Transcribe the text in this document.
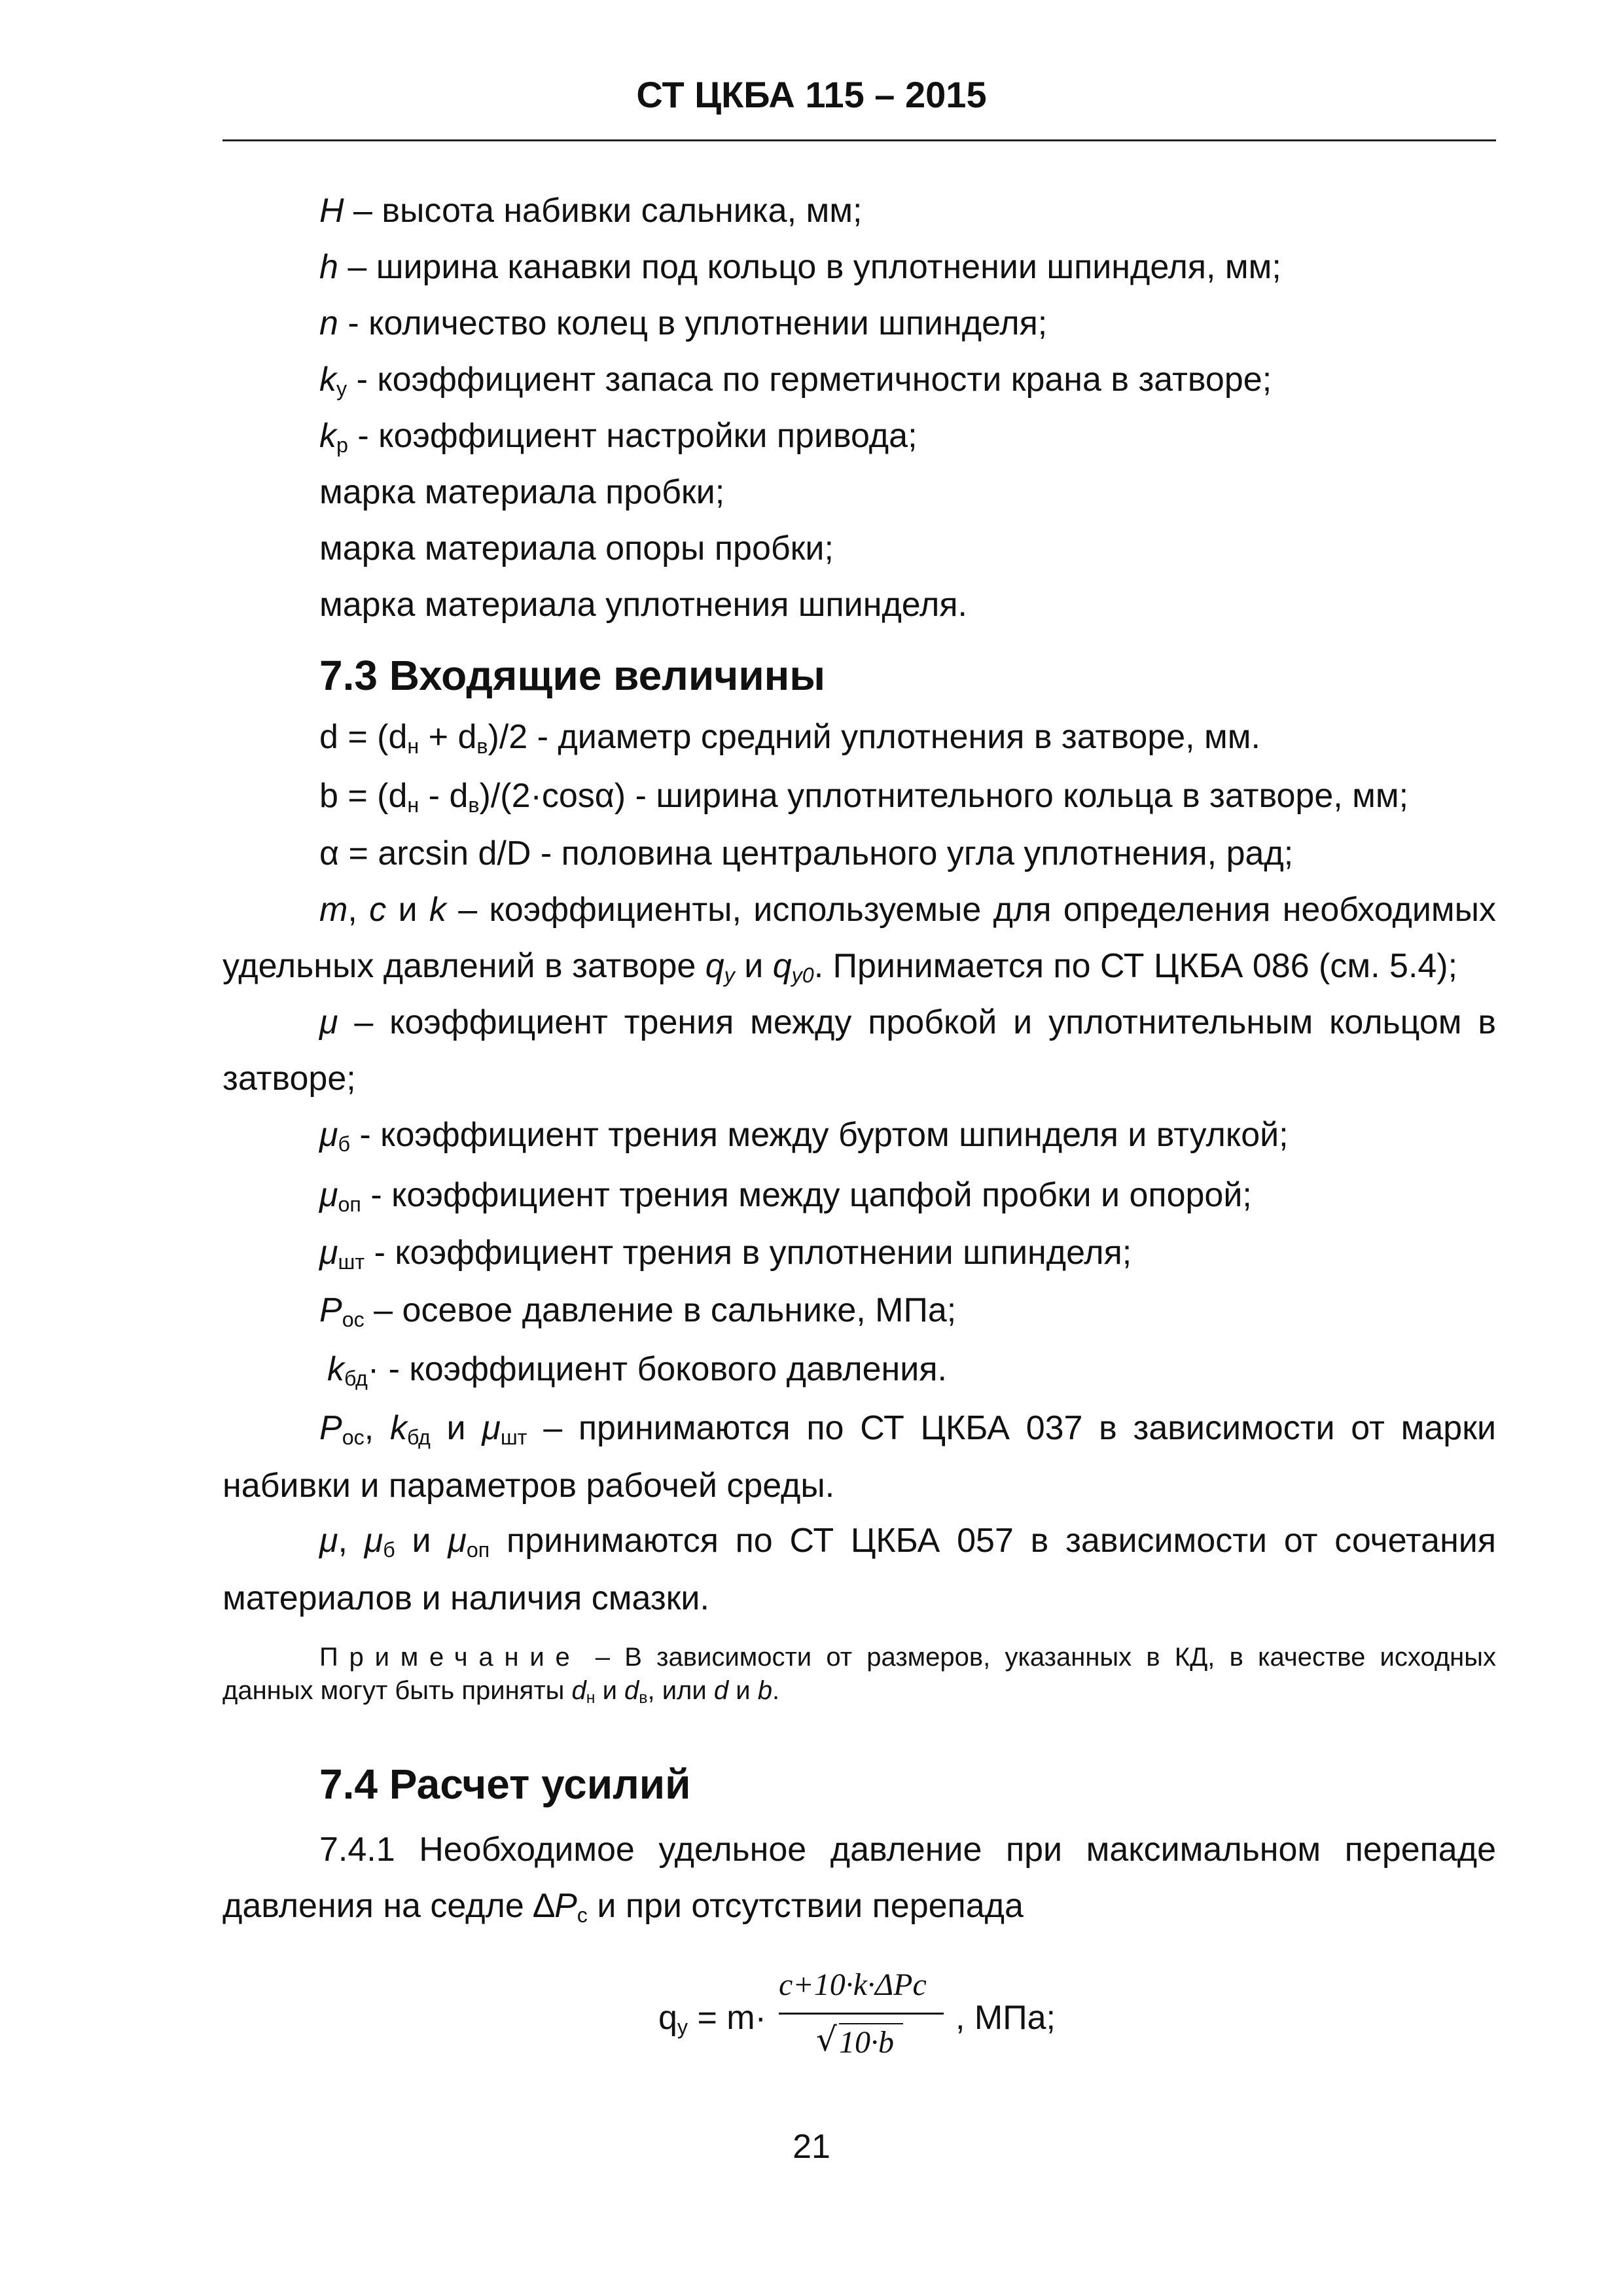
СТ ЦКБА 115 – 2015
H – высота набивки сальника, мм;
h – ширина канавки под кольцо в уплотнении шпинделя, мм;
n - количество колец в уплотнении шпинделя;
$k_у$ - коэффициент запаса по герметичности крана в затворе;
$k_р$ - коэффициент настройки привода;
марка материала пробки;
марка материала опоры пробки;
марка материала уплотнения шпинделя.
7.3 Входящие величины
$d = (d_н + d_в)/2$ - диаметр средний уплотнения в затворе, мм.
$b = (d_н - d_в)/(2\cdot\cos\alpha)$ - ширина уплотнительного кольца в затворе, мм;
α = arcsin d/D - половина центрального угла уплотнения, рад;
m, c и k – коэффициенты, используемые для определения необходимых
удельных давлений в затворе $q_у$ и $q_{у0}$. Принимается по СТ ЦКБА 086 (см. 5.4);
μ – коэффициент трения между пробкой и уплотнительным кольцом в
затворе;
$\mu_б$ - коэффициент трения между буртом шпинделя и втулкой;
$\mu_{оп}$ - коэффициент трения между цапфой пробки и опорой;
$\mu_{шт}$ - коэффициент трения в уплотнении шпинделя;
$P_{ос}$ – осевое давление в сальнике, МПа;
$k_{бд}\cdot$ - коэффициент бокового давления.
$P_{ос}$, $k_{бд}$ и $\mu_{шт}$ – принимаются по СТ ЦКБА 037 в зависимости от марки
набивки и параметров рабочей среды.
μ, $\mu_б$ и $\mu_{оп}$ принимаются по СТ ЦКБА 057 в зависимости от сочетания
материалов и наличия смазки.
Примечание – В зависимости от размеров, указанных в КД, в качестве исходных
данных могут быть приняты $d_н$ и $d_в$, или d и b.
7.4 Расчет усилий
7.4.1 Необходимое удельное давление при максимальном перепаде
давления на седле $\Delta P_с$ и при отсутствии перепада
$q_у = m\cdot$
c+10·k·ΔPc
√ 10·b
, МПа;
21
